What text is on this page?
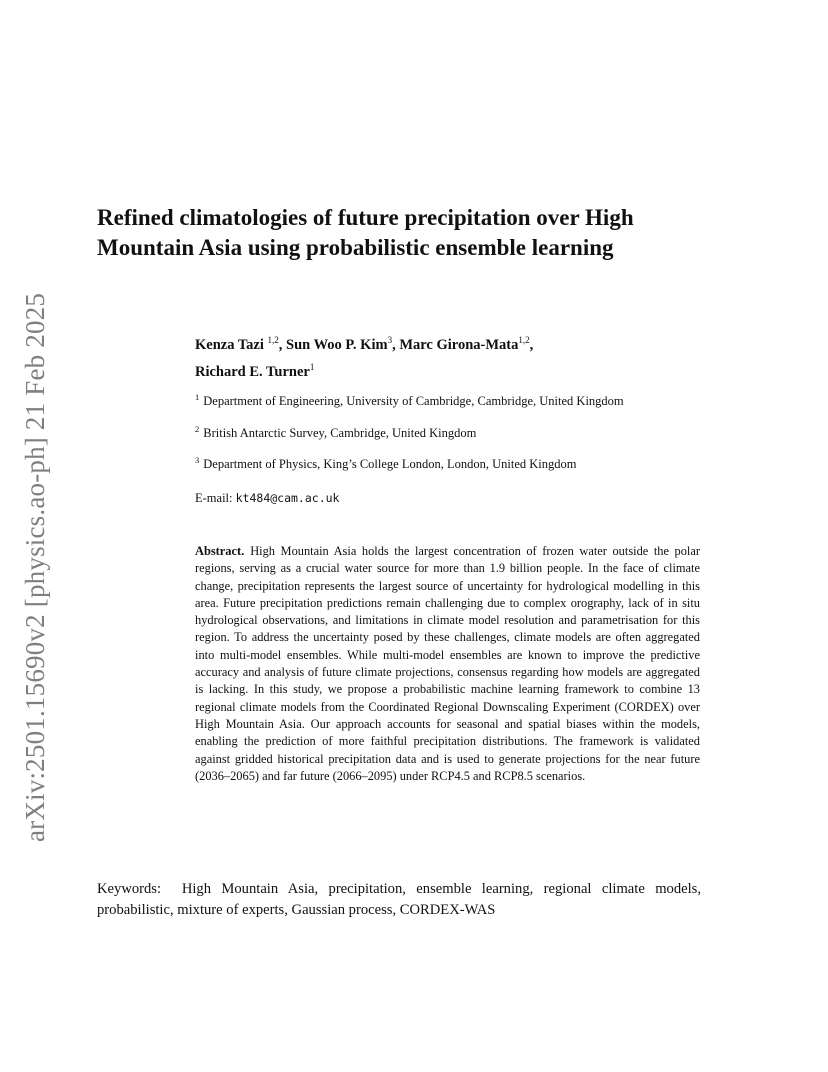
arXiv:2501.15690v2 [physics.ao-ph] 21 Feb 2025
Refined climatologies of future precipitation over High Mountain Asia using probabilistic ensemble learning
Kenza Tazi $^{1,2}$, Sun Woo P. Kim$^3$, Marc Girona-Mata$^{1,2}$,
Richard E. Turner$^1$
$^1$ Department of Engineering, University of Cambridge, Cambridge, United Kingdom
$^2$ British Antarctic Survey, Cambridge, United Kingdom
$^3$ Department of Physics, King’s College London, London, United Kingdom
E-mail: kt484@cam.ac.uk
Abstract. High Mountain Asia holds the largest concentration of frozen water outside the polar regions, serving as a crucial water source for more than 1.9 billion people. In the face of climate change, precipitation represents the largest source of uncertainty for hydrological modelling in this area. Future precipitation predictions remain challenging due to complex orography, lack of in situ hydrological observations, and limitations in climate model resolution and parametrisation for this region. To address the uncertainty posed by these challenges, climate models are often aggregated into multi-model ensembles. While multi-model ensembles are known to improve the predictive accuracy and analysis of future climate projections, consensus regarding how models are aggregated is lacking. In this study, we propose a probabilistic machine learning framework to combine 13 regional climate models from the Coordinated Regional Downscaling Experiment (CORDEX) over High Mountain Asia. Our approach accounts for seasonal and spatial biases within the models, enabling the prediction of more faithful precipitation distributions. The framework is validated against gridded historical precipitation data and is used to generate projections for the near future (2036–2065) and far future (2066–2095) under RCP4.5 and RCP8.5 scenarios.
Keywords: High Mountain Asia, precipitation, ensemble learning, regional climate models, probabilistic, mixture of experts, Gaussian process, CORDEX-WAS
